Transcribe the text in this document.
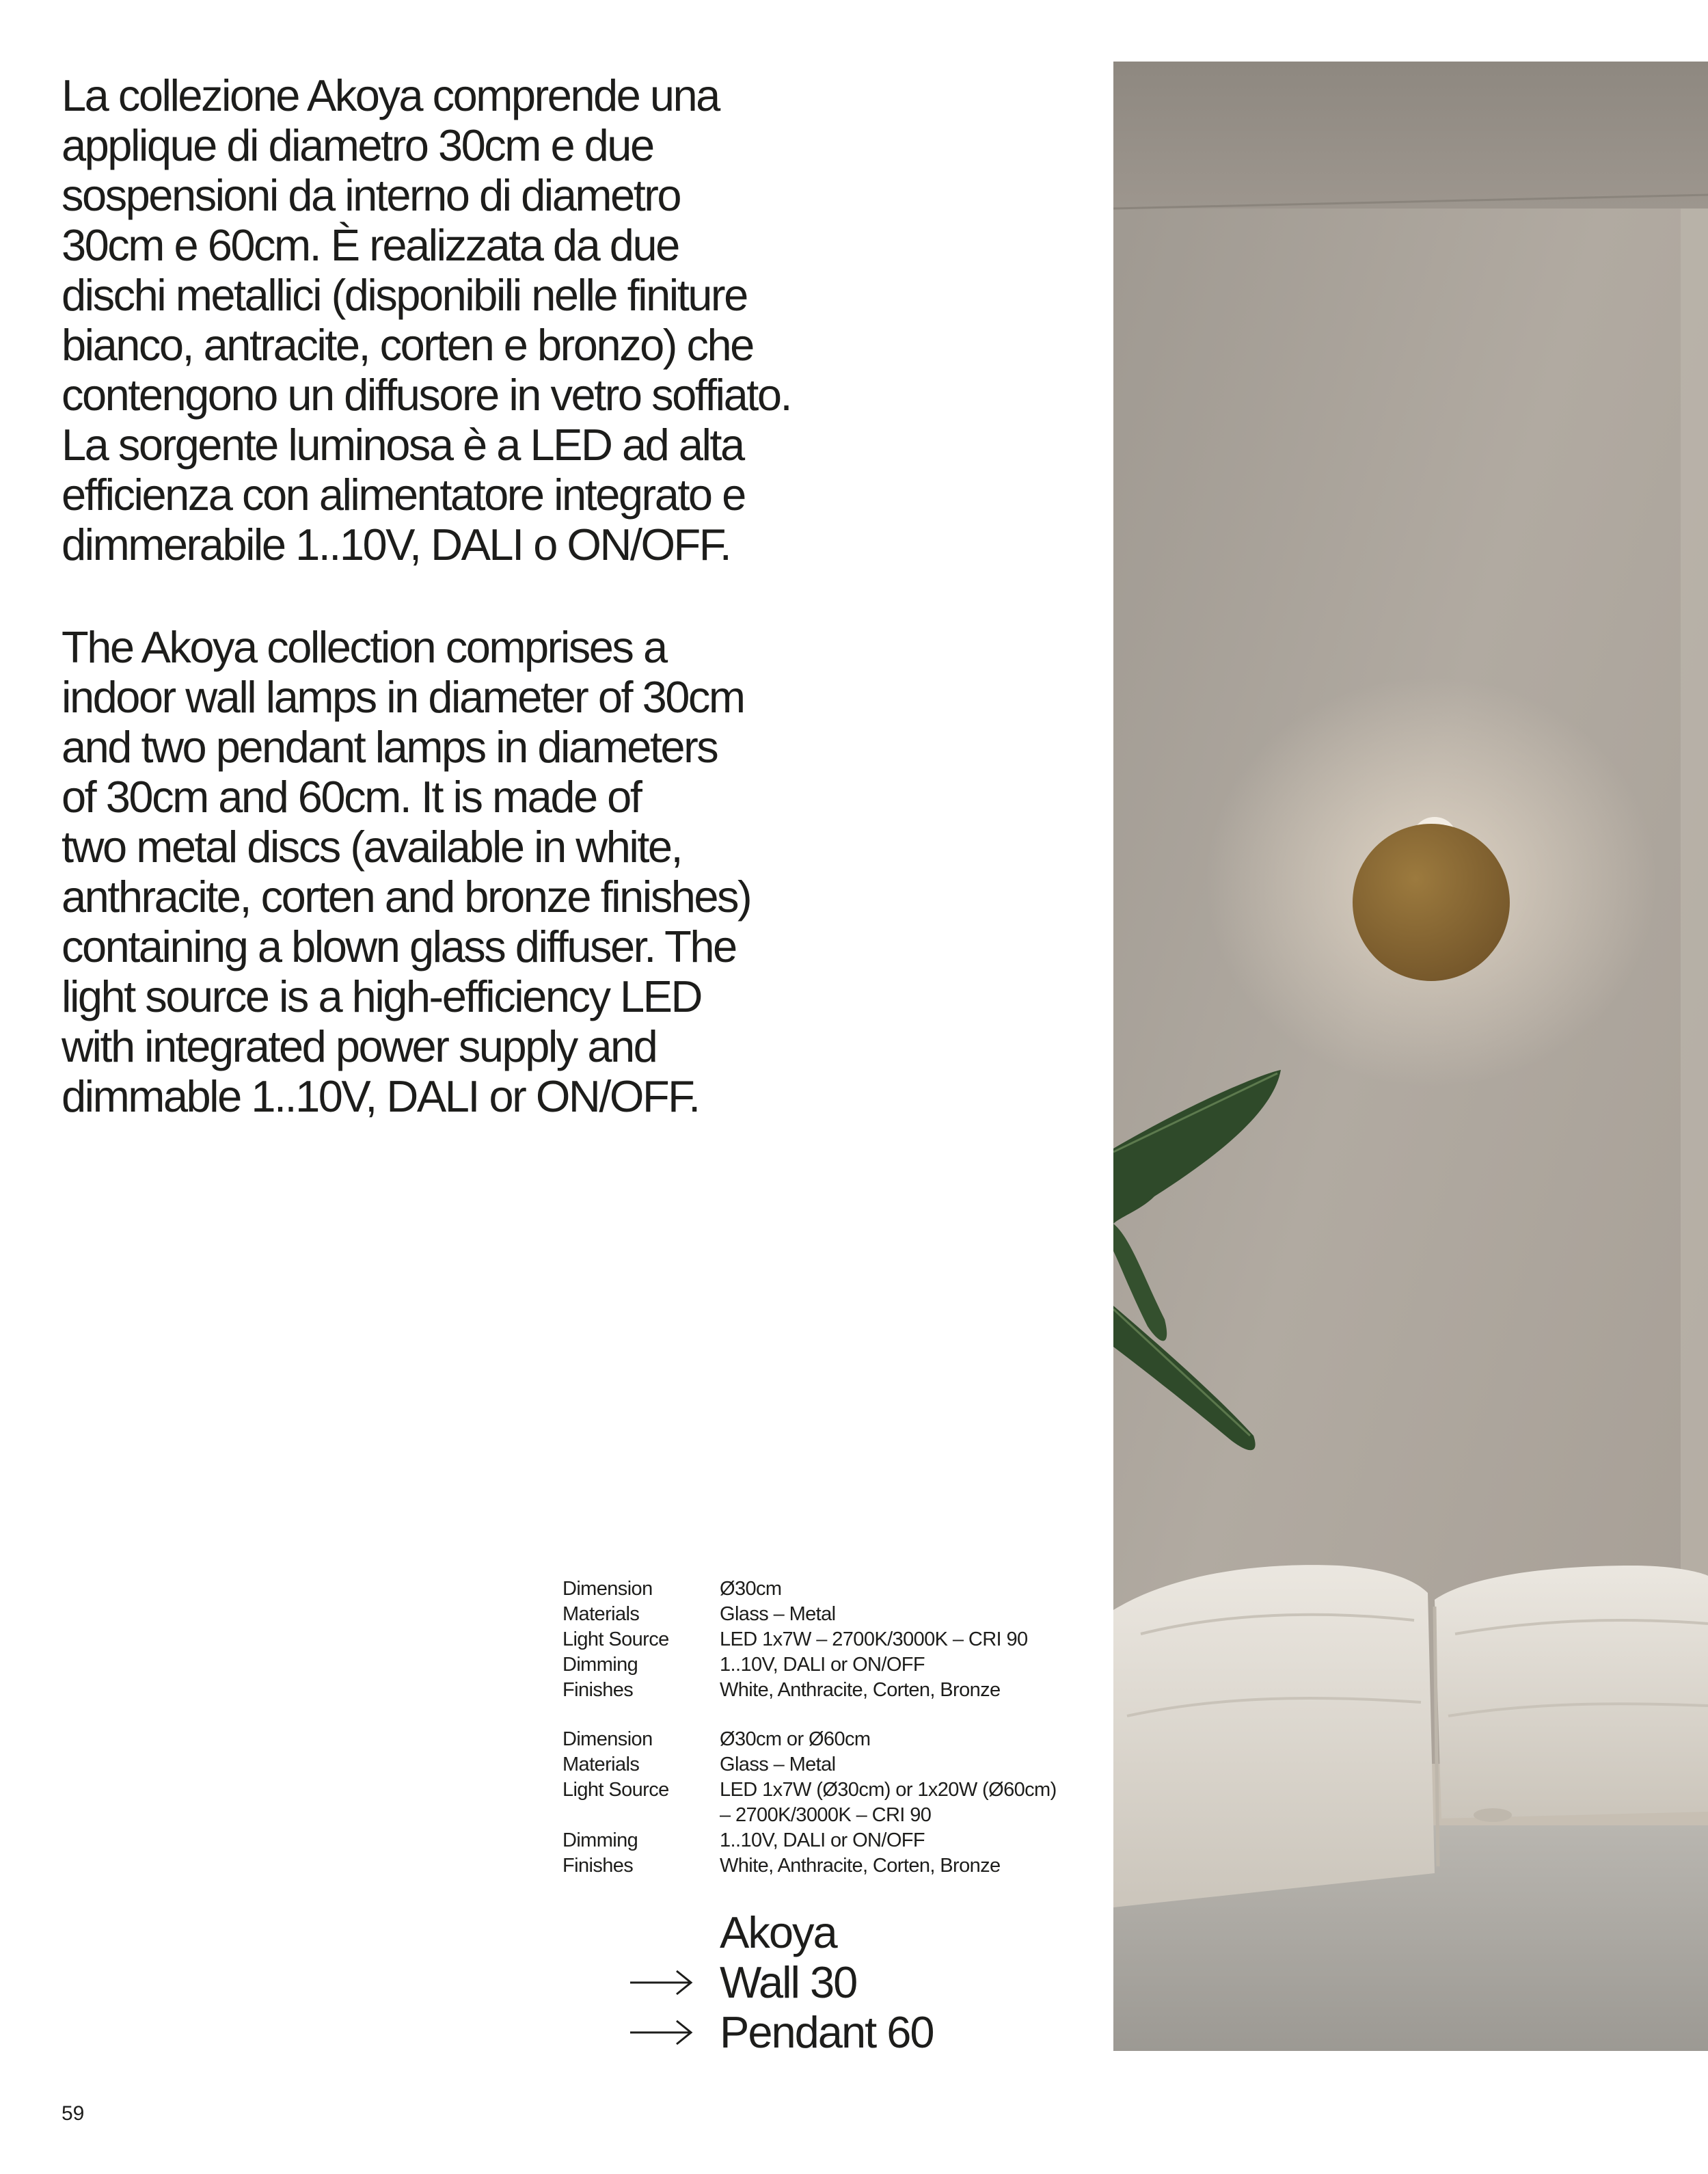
La collezione Akoya comprende una
applique di diametro 30cm e due
sospensioni da interno di diametro
30cm e 60cm. È realizzata da due
dischi metallici (disponibili nelle finiture
bianco, antracite, corten e bronzo) che
contengono un diffusore in vetro soffiato.
La sorgente luminosa è a LED ad alta
efficienza con alimentatore integrato e
dimmerabile 1..10V, DALI o ON/OFF.
The Akoya collection comprises a
indoor wall lamps in diameter of 30cm
and two pendant lamps in diameters
of 30cm and 60cm. It is made of
two metal discs (available in white,
anthracite, corten and bronze finishes)
containing a blown glass diffuser. The
light source is a high-efficiency LED
with integrated power supply and
dimmable 1..10V, DALI or ON/OFF.
Dimension	Ø30cm
Materials	Glass – Metal
Light Source	LED 1x7W – 2700K/3000K – CRI 90
Dimming	1..10V, DALI or ON/OFF
Finishes	White, Anthracite, Corten, Bronze
Dimension	Ø30cm or Ø60cm
Materials	Glass – Metal
Light Source	LED 1x7W (Ø30cm) or 1x20W (Ø60cm)
– 2700K/3000K – CRI 90
Dimming	1..10V, DALI or ON/OFF
Finishes	White, Anthracite, Corten, Bronze
Akoya
Wall 30
Pendant 60
59
